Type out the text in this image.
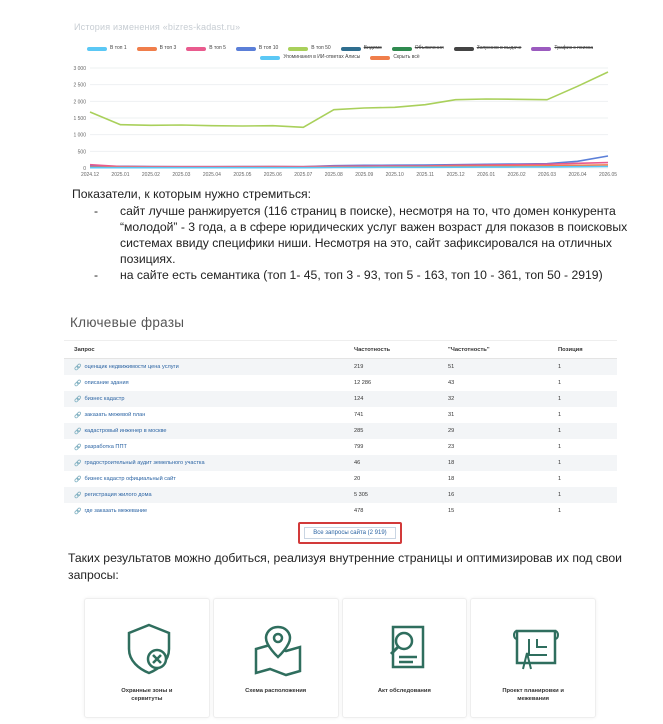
История изменения «bizres-kadast.ru»
В топ 1	В топ 3	В топ 5	В топ 10	В топ 50	Видимо	Объявления	Запросов в выдаче	Трафик с поиска
Упоминания в ИИ-ответах Алисы	Скрыть всё
3 000
2 500
2 000
1 500
1 000
500
0
2024.12 2025.01 2025.02 2025.03 2025.04 2025.05 2025.06 2025.07 2025.08 2025.09 2025.10	2025.11	2025.12 2026.01 2026.02 2026.03 2026.04 2026.05
Показатели, к которым нужно стремиться:
- сайт лучше ранжируется (116 страниц в поиске), несмотря на то, что домен конкурента “молодой” - 3 года, а в сфере юридических услуг важен возраст для показов в поисковых системах ввиду специфики ниши. Несмотря на это, сайт зафиксировался на отличных позициях.
- на сайте есть семантика (топ 1- 45, топ 3 - 93, топ 5 - 163, топ 10 - 361, топ 50 - 2919)
Ключевые фразы
Запрос	Частотность	"Частотность"	Позиция
🔗 оценщик недвижимости цена услуги	219	51	1
🔗 описание здания	12 286	43	1
🔗 бизнес кадастр	124	32	1
🔗 заказать межевой план	741	31	1
🔗 кадастровый инженер в москве	285	29	1
🔗 разработка ППТ	799	23	1
🔗 градостроительный аудит земельного участка	46	18	1
🔗 бизнес кадастр официальный сайт	20	18	1
🔗 регистрация жилого дома	5 305	16	1
🔗 где заказать межевание	478	15	1
Все запросы сайта (2 919)
Таких результатов можно добиться, реализуя внутренние страницы и оптимизировав их под свои запросы:
Охранные зоны и сервитуты
Схема расположения	Акт обследования	Проект планировки и межевания
